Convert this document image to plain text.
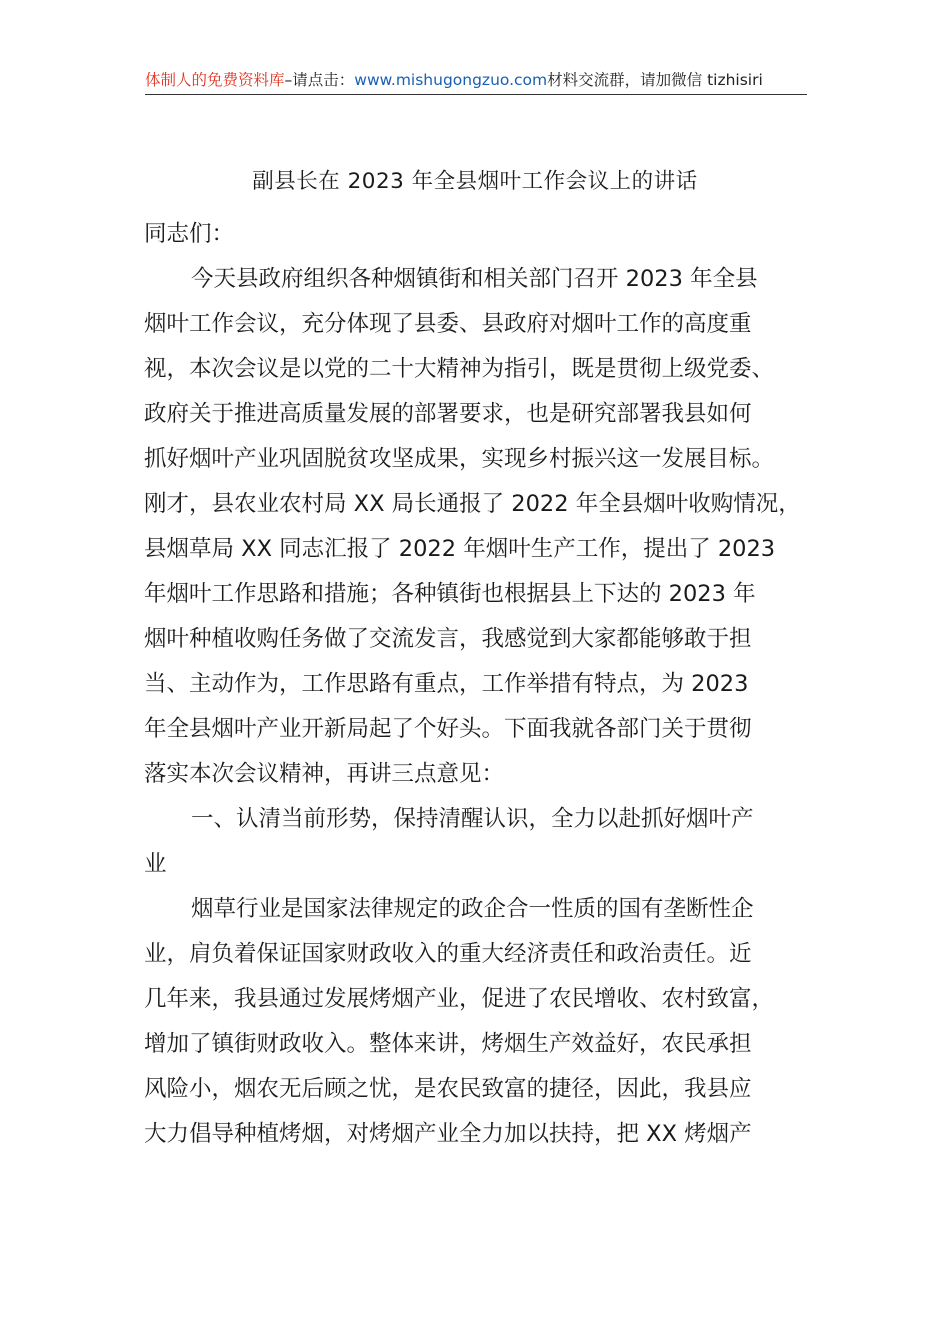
体制人的免费资料库–请点击：www.mishugongzuo.com材料交流群，请加微信 tizhisiri
副县长在 2023 年全县烟叶工作会议上的讲话
同志们：
今天县政府组织各种烟镇街和相关部门召开 2023 年全县
烟叶工作会议，充分体现了县委、县政府对烟叶工作的高度重
视，本次会议是以党的二十大精神为指引，既是贯彻上级党委、
政府关于推进高质量发展的部署要求，也是研究部署我县如何
抓好烟叶产业巩固脱贫攻坚成果，实现乡村振兴这一发展目标。
刚才，县农业农村局 XX 局长通报了 2022 年全县烟叶收购情况，
县烟草局 XX 同志汇报了 2022 年烟叶生产工作，提出了 2023
年烟叶工作思路和措施；各种镇街也根据县上下达的 2023 年
烟叶种植收购任务做了交流发言，我感觉到大家都能够敢于担
当、主动作为，工作思路有重点，工作举措有特点，为 2023
年全县烟叶产业开新局起了个好头。下面我就各部门关于贯彻
落实本次会议精神，再讲三点意见：
一、认清当前形势，保持清醒认识，全力以赴抓好烟叶产
业
烟草行业是国家法律规定的政企合一性质的国有垄断性企
业，肩负着保证国家财政收入的重大经济责任和政治责任。近
几年来，我县通过发展烤烟产业，促进了农民增收、农村致富，
增加了镇街财政收入。整体来讲，烤烟生产效益好，农民承担
风险小，烟农无后顾之忧，是农民致富的捷径，因此，我县应
大力倡导种植烤烟，对烤烟产业全力加以扶持，把 XX 烤烟产
